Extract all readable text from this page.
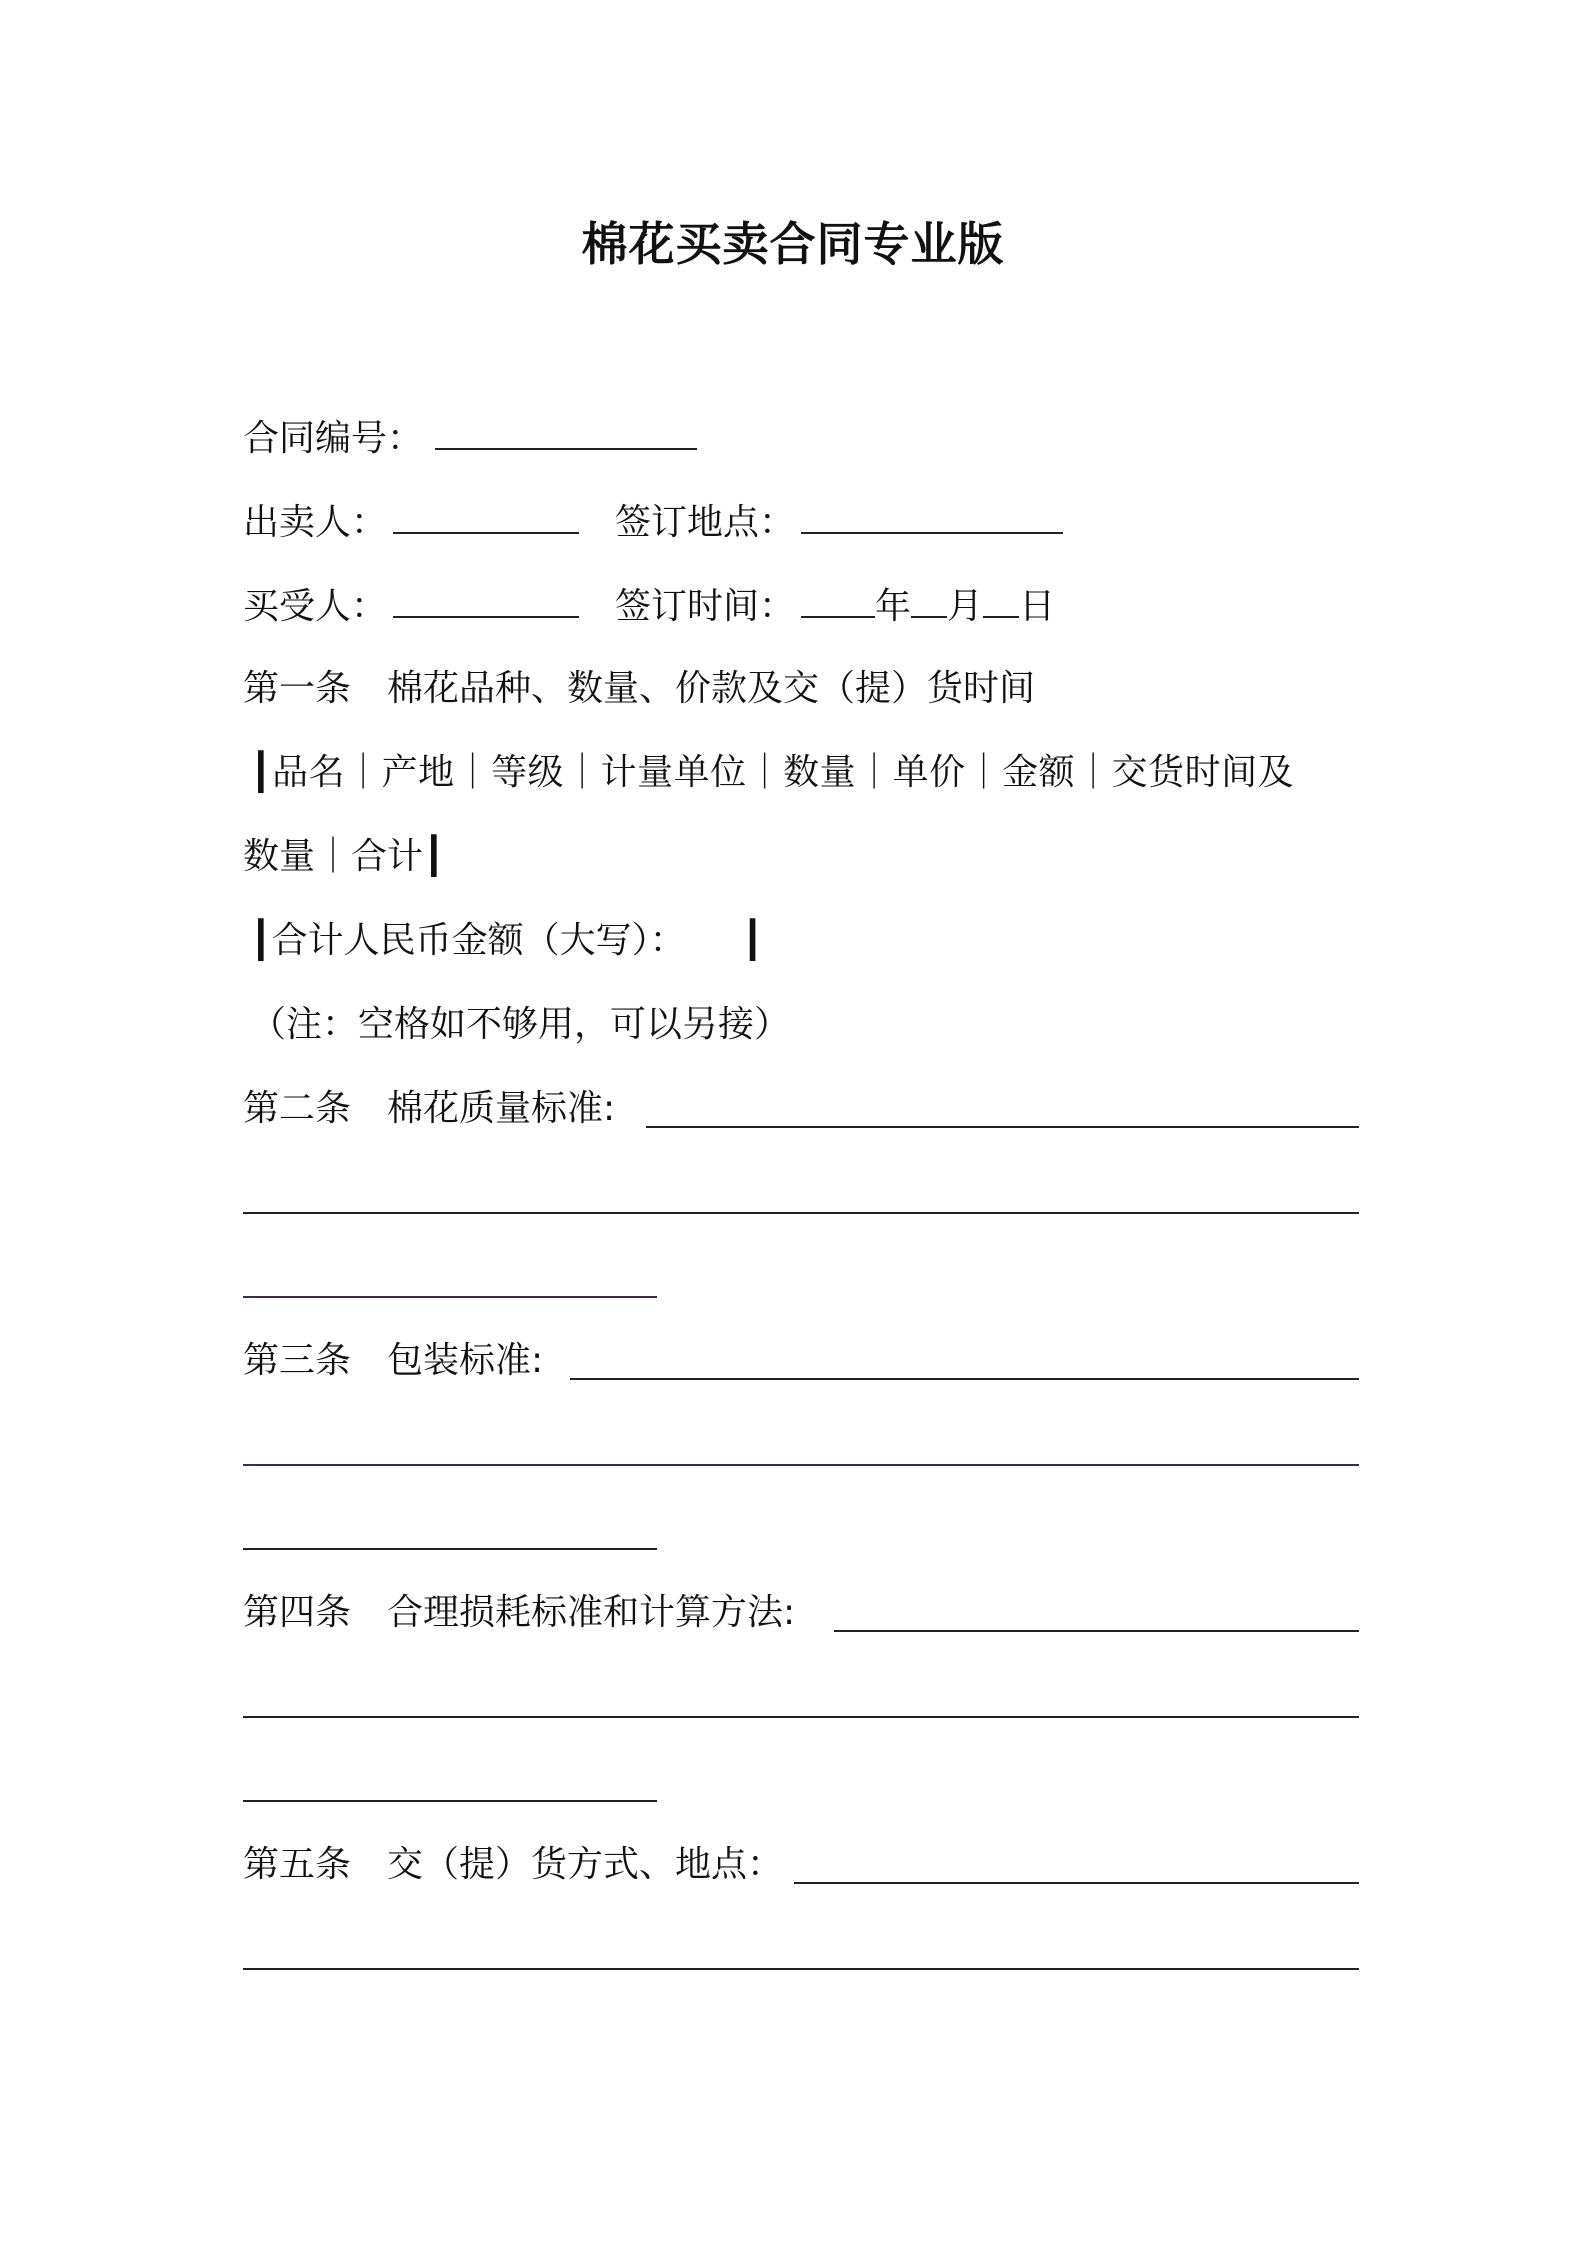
棉花买卖合同专业版
合同编号：
出卖人：	签订地点：
买受人：	签订时间： 年 月 日
第一条　棉花品种、数量、价款及交（提）货时间
┃品名｜产地｜等级｜计量单位｜数量｜单价｜金额｜交货时间及
数量｜合计┃
┃合计人民币金额（大写）： ┃
（注：空格如不够用，可以另接）
第二条　棉花质量标准:
第三条　包装标准:
第四条　合理损耗标准和计算方法:
第五条　交（提）货方式、地点：
